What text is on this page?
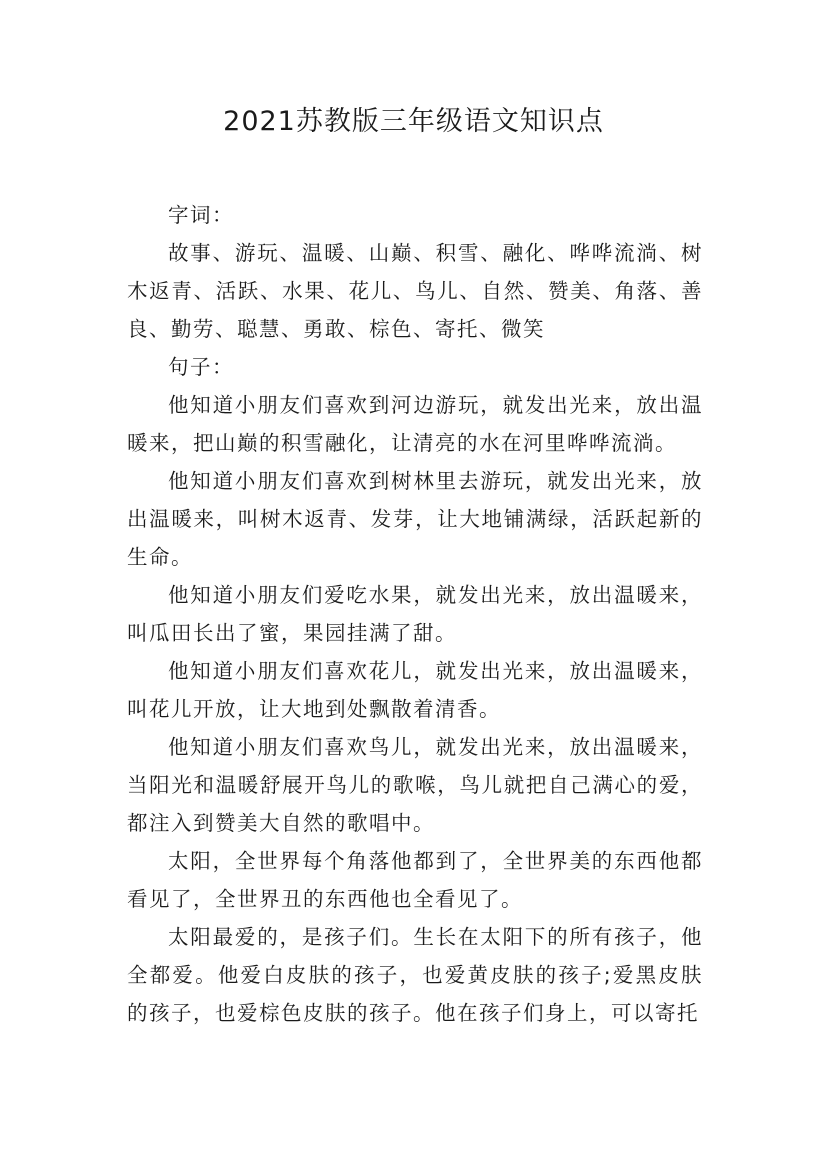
2021苏教版三年级语文知识点

字词：

故事、游玩、温暖、山巅、积雪、融化、哗哗流淌、树木返青、活跃、水果、花儿、鸟儿、自然、赞美、角落、善良、勤劳、聪慧、勇敢、棕色、寄托、微笑

句子：

他知道小朋友们喜欢到河边游玩，就发出光来，放出温暖来，把山巅的积雪融化，让清亮的水在河里哗哗流淌。

他知道小朋友们喜欢到树林里去游玩，就发出光来，放出温暖来，叫树木返青、发芽，让大地铺满绿，活跃起新的生命。

他知道小朋友们爱吃水果，就发出光来，放出温暖来，叫瓜田长出了蜜，果园挂满了甜。

他知道小朋友们喜欢花儿，就发出光来，放出温暖来，叫花儿开放，让大地到处飘散着清香。

他知道小朋友们喜欢鸟儿，就发出光来，放出温暖来，当阳光和温暖舒展开鸟儿的歌喉，鸟儿就把自己满心的爱，都注入到赞美大自然的歌唱中。

太阳，全世界每个角落他都到了，全世界美的东西他都看见了，全世界丑的东西他也全看见了。

太阳最爱的，是孩子们。生长在太阳下的所有孩子，他全都爱。他爱白皮肤的孩子，也爱黄皮肤的孩子;爱黑皮肤的孩子，也爱棕色皮肤的孩子。他在孩子们身上，可以寄托
